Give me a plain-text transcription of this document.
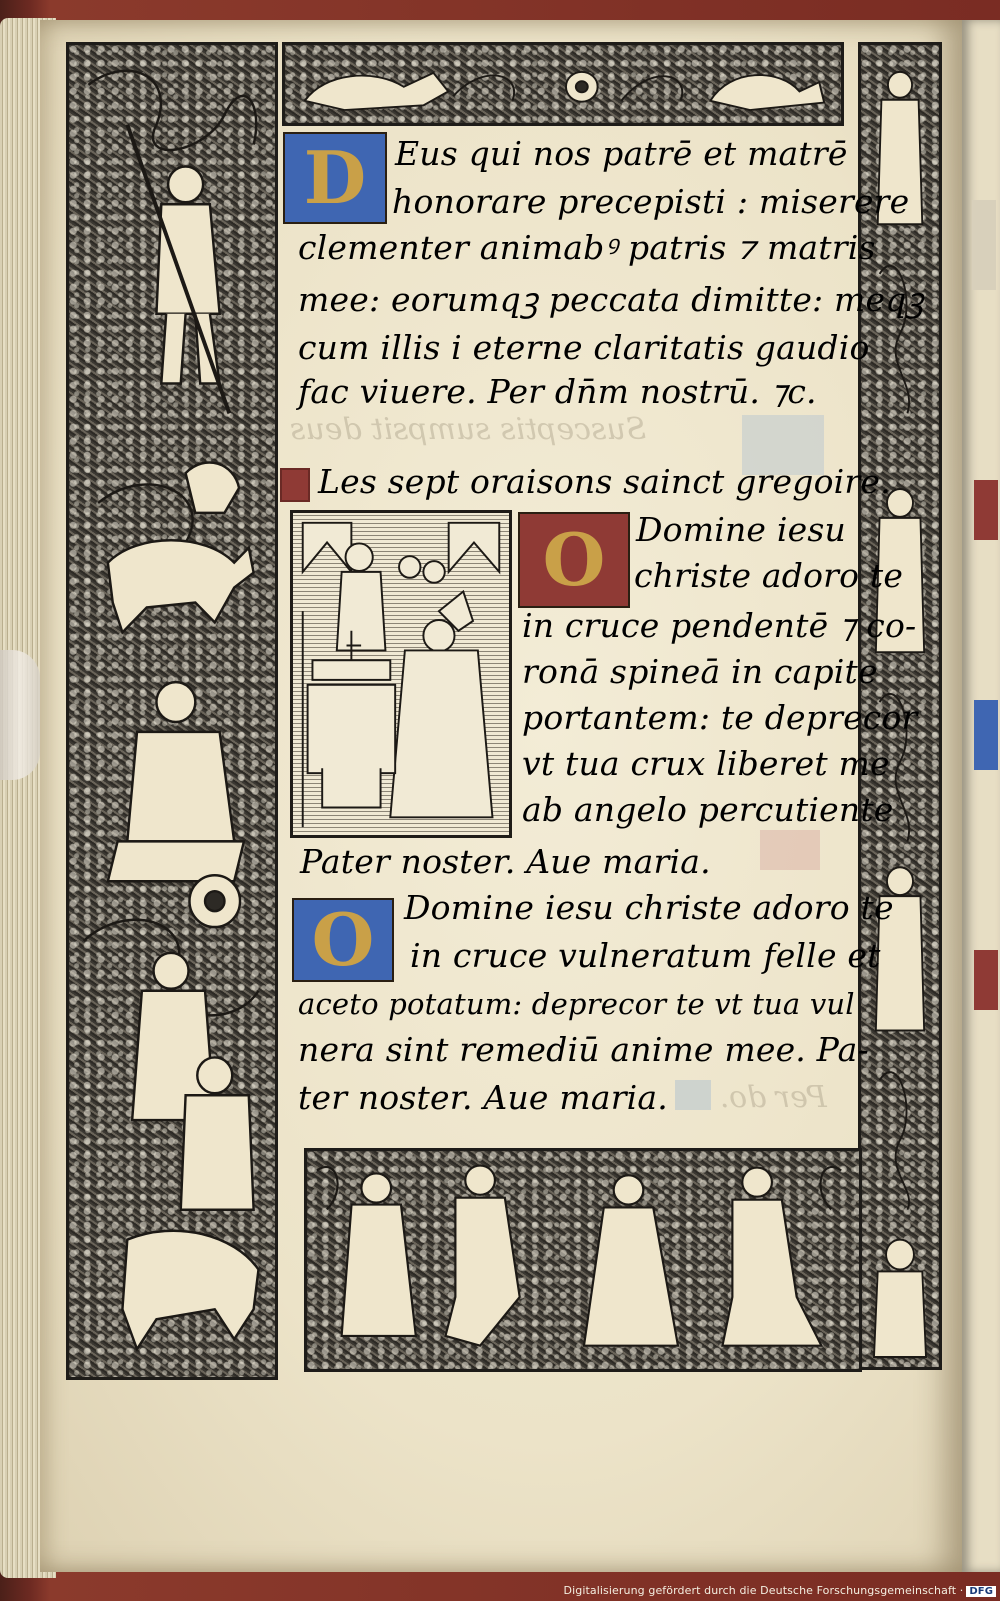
Susceptis sumpsit deus
Per do.
D
O
O
Eus qui nos patrē et matrē
honorare precepisti : miserere
clementer animabꝰ patris ⁊ matris
mee: eorumqꝫ peccata dimitte: meqꝫ
cum illis i eterne claritatis gaudio
fac viuere. Per dn̄m nostrū. ⁊c.
Les sept oraisons sainct gregoire.
Domine iesu
christe adoro te
in cruce pendentē ⁊ co-
ronā spineā in capite
portantem: te deprecor
vt tua crux liberet me
ab angelo percutiente
Pater noster. Aue maria.
Domine iesu christe adoro te
in cruce vulneratum felle et
aceto potatum: deprecor te vt tua vul
nera sint remediū anime mee. Pa-
ter noster. Aue maria.
Digitalisierung gefördert durch die Deutsche Forschungsgemeinschaft · DFG
